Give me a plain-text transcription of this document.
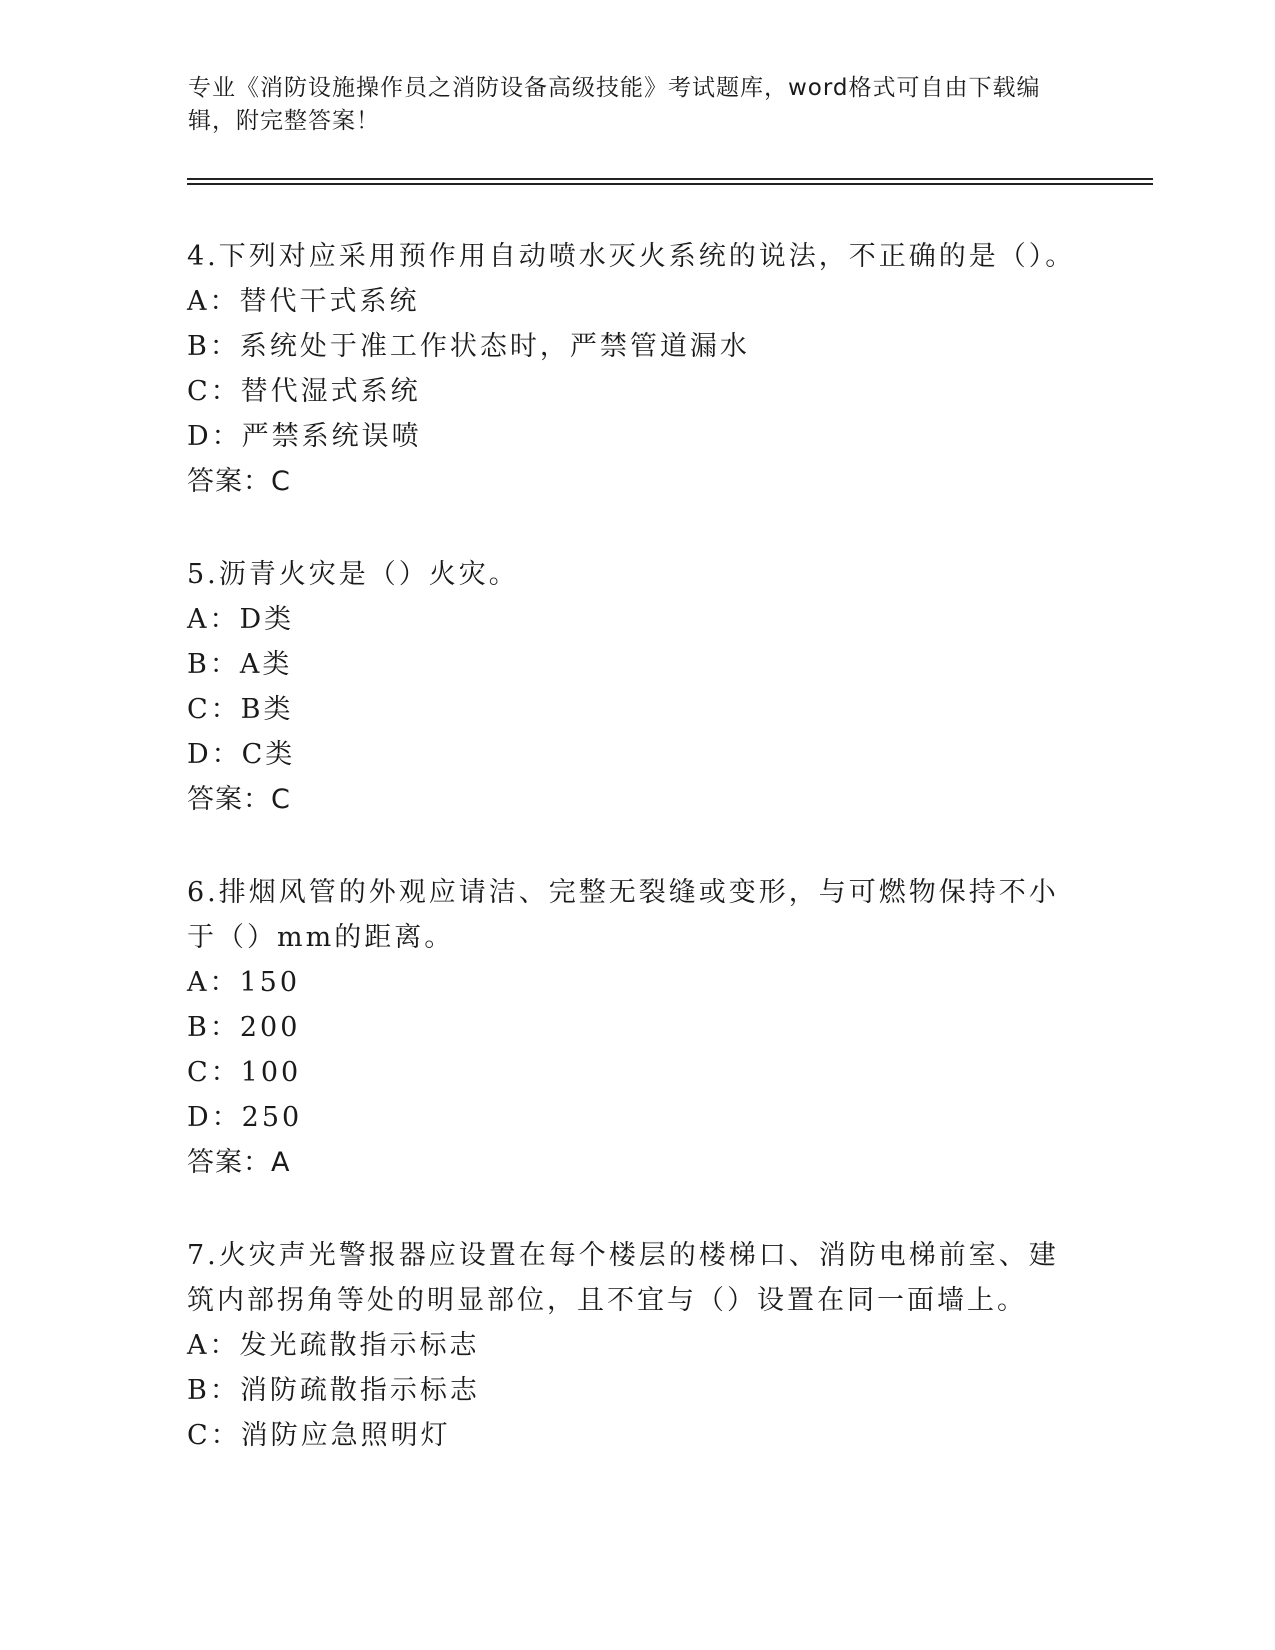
专业《消防设施操作员之消防设备高级技能》考试题库，word格式可自由下载编辑，附完整答案！

4.下列对应采用预作用自动喷水灭火系统的说法，不正确的是（）。

A：替代干式系统
B：系统处于准工作状态时，严禁管道漏水
C：替代湿式系统
D：严禁系统误喷
答案：C

5.沥青火灾是（）火灾。

A：D类
B：A类
C：B类
D：C类
答案：C

6.排烟风管的外观应请洁、完整无裂缝或变形，与可燃物保持不小于（）mm的距离。

A：150
B：200
C：100
D：250
答案：A

7.火灾声光警报器应设置在每个楼层的楼梯口、消防电梯前室、建筑内部拐角等处的明显部位，且不宜与（）设置在同一面墙上。

A：发光疏散指示标志
B：消防疏散指示标志
C：消防应急照明灯
